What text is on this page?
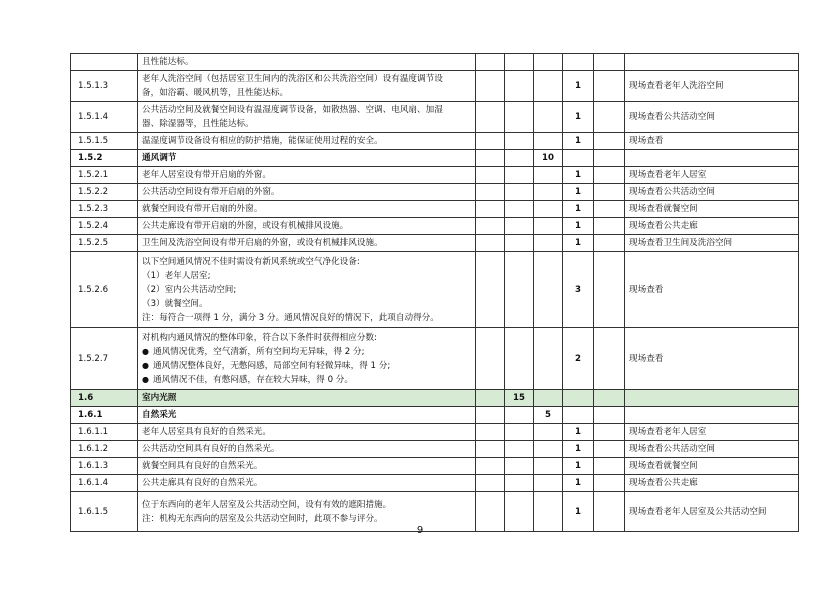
	且性能达标。						

1.5.1.3	老年人洗浴空间（包括居室卫生间内的洗浴区和公共洗浴空间）设有温度调节设
备，如浴霸、暖风机等，且性能达标。				1		现场查看老年人洗浴空间
1.5.1.4	公共活动空间及就餐空间设有温湿度调节设备，如散热器、空调、电风扇、加湿
器、除湿器等，且性能达标。				1		现场查看公共活动空间
1.5.1.5	温湿度调节设备设有相应的防护措施，能保证使用过程的安全。				1		现场查看
1.5.2	通风调节			10			
1.5.2.1	老年人居室设有带开启扇的外窗。				1		现场查看老年人居室
1.5.2.2	公共活动空间设有带开启扇的外窗。				1		现场查看公共活动空间
1.5.2.3	就餐空间设有带开启扇的外窗。				1		现场查看就餐空间
1.5.2.4	公共走廊设有带开启扇的外窗，或设有机械排风设施。				1		现场查看公共走廊
1.5.2.5	卫生间及洗浴空间设有带开启扇的外窗，或设有机械排风设施。				1		现场查看卫生间及洗浴空间
1.5.2.6	以下空间通风情况不佳时需设有新风系统或空气净化设备:
（1）老年人居室;
（2）室内公共活动空间;
（3）就餐空间。
注：每符合一项得 1 分，满分 3 分。通风情况良好的情况下，此项自动得分。				3		现场查看
1.5.2.7	对机构内通风情况的整体印象，符合以下条件时获得相应分数:
● 通风情况优秀，空气清新，所有空间均无异味，得 2 分;
● 通风情况整体良好，无憋闷感，局部空间有轻微异味，得 1 分;
● 通风情况不佳，有憋闷感，存在较大异味，得 0 分。				2		现场查看
1.6	室内光照		15				
1.6.1	自然采光			5			
1.6.1.1	老年人居室具有良好的自然采光。				1		现场查看老年人居室
1.6.1.2	公共活动空间具有良好的自然采光。				1		现场查看公共活动空间
1.6.1.3	就餐空间具有良好的自然采光。				1		现场查看就餐空间
1.6.1.4	公共走廊具有良好的自然采光。				1		现场查看公共走廊
1.6.1.5	位于东西向的老年人居室及公共活动空间，设有有效的遮阳措施。
注：机构无东西向的居室及公共活动空间时，此项不参与评分。				1		现场查看老年人居室及公共活动空间
9
